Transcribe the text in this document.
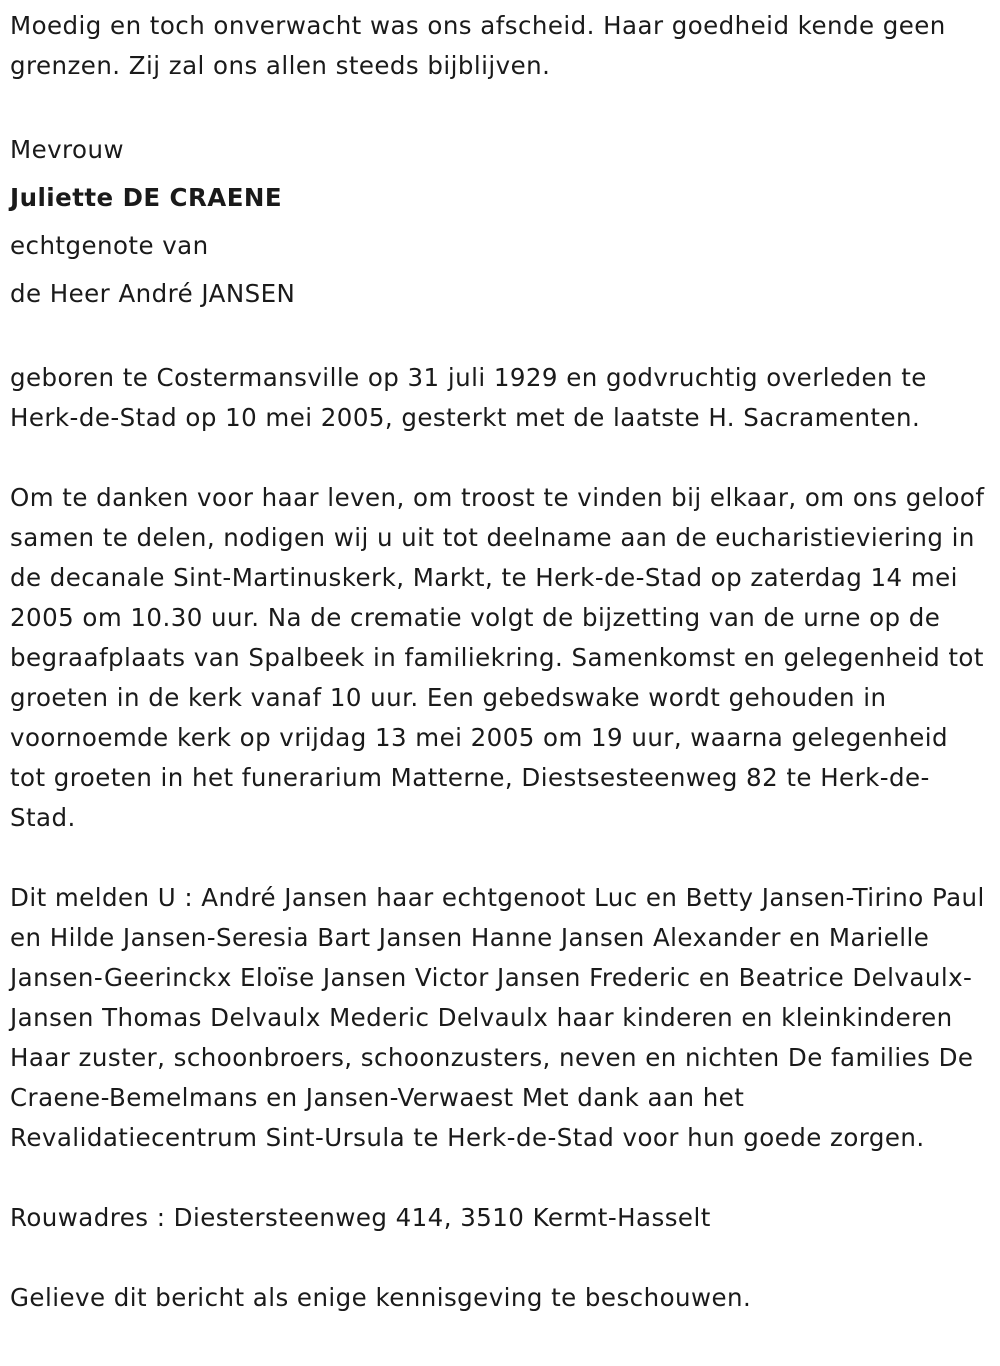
Moedig en toch onverwacht was ons afscheid. Haar goedheid kende geen grenzen. Zij zal ons allen steeds bijblijven.

Mevrouw

Juliette DE CRAENE

echtgenote van

de Heer André JANSEN

geboren te Costermansville op 31 juli 1929 en godvruchtig overleden te Herk-de-Stad op 10 mei 2005, gesterkt met de laatste H. Sacramenten.

Om te danken voor haar leven, om troost te vinden bij elkaar, om ons geloof samen te delen, nodigen wij u uit tot deelname aan de eucharistieviering in de decanale Sint-Martinuskerk, Markt, te Herk-de-Stad op zaterdag 14 mei 2005 om 10.30 uur. Na de crematie volgt de bijzetting van de urne op de begraafplaats van Spalbeek in familiekring. Samenkomst en gelegenheid tot groeten in de kerk vanaf 10 uur. Een gebedswake wordt gehouden in voornoemde kerk op vrijdag 13 mei 2005 om 19 uur, waarna gelegenheid tot groeten in het funerarium Matterne, Diestsesteenweg 82 te Herk-de-Stad.

Dit melden U : André Jansen haar echtgenoot Luc en Betty Jansen-Tirino Paul en Hilde Jansen-Seresia Bart Jansen Hanne Jansen Alexander en Marielle Jansen-Geerinckx Eloïse Jansen Victor Jansen Frederic en Beatrice Delvaulx-Jansen Thomas Delvaulx Mederic Delvaulx haar kinderen en kleinkinderen Haar zuster, schoonbroers, schoonzusters, neven en nichten De families De Craene-Bemelmans en Jansen-Verwaest Met dank aan het Revalidatiecentrum Sint-Ursula te Herk-de-Stad voor hun goede zorgen.

Rouwadres : Diestersteenweg 414, 3510 Kermt-Hasselt

Gelieve dit bericht als enige kennisgeving te beschouwen.
